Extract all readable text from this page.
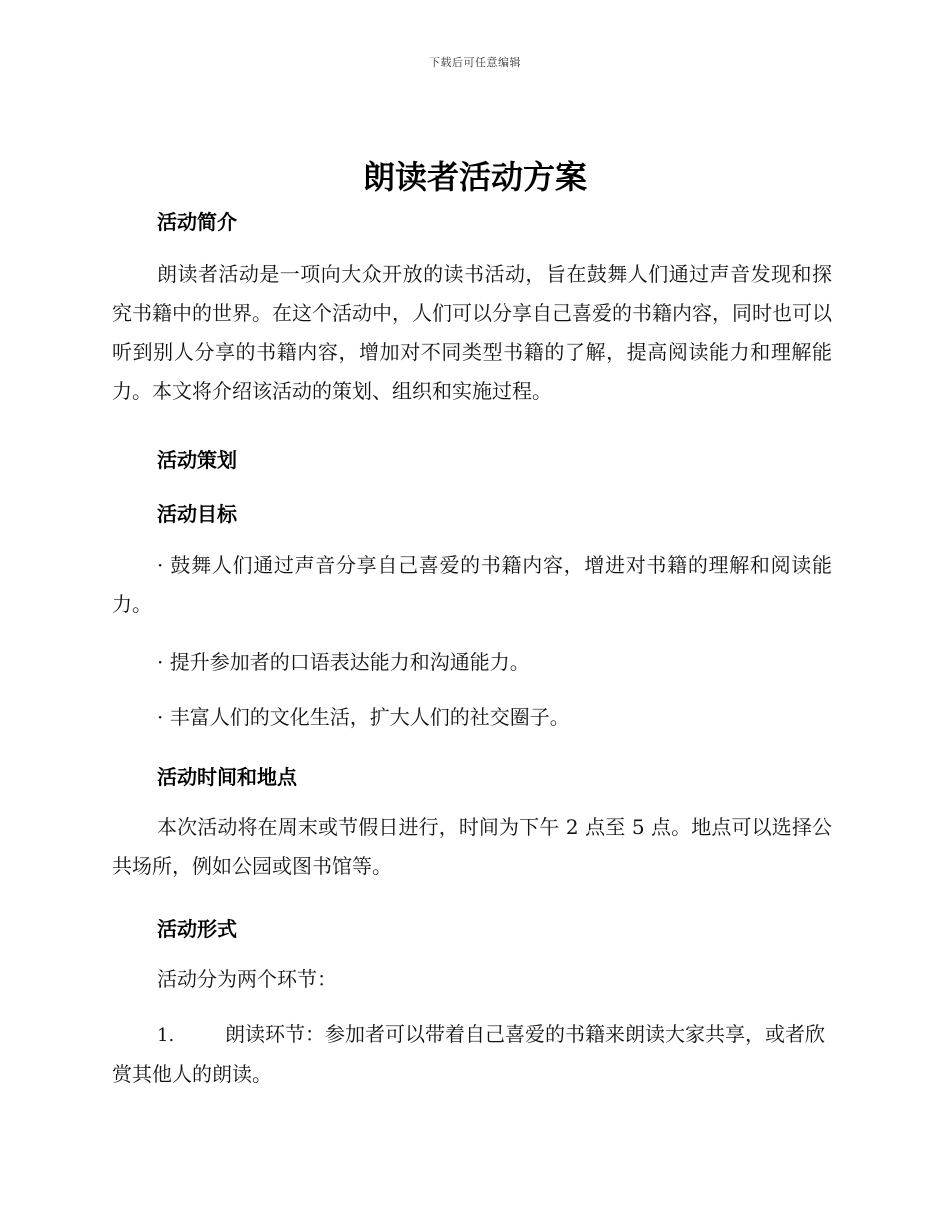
下载后可任意编辑
朗读者活动方案
活动简介

朗读者活动是一项向大众开放的读书活动，旨在鼓舞人们通过声音发现和探究书籍中的世界。在这个活动中，人们可以分享自己喜爱的书籍内容，同时也可以听到别人分享的书籍内容，增加对不同类型书籍的了解，提高阅读能力和理解能力。本文将介绍该活动的策划、组织和实施过程。

活动策划
活动目标

· 鼓舞人们通过声音分享自己喜爱的书籍内容，增进对书籍的理解和阅读能力。

· 提升参加者的口语表达能力和沟通能力。
· 丰富人们的文化生活，扩大人们的社交圈子。
活动时间和地点

本次活动将在周末或节假日进行，时间为下午 2 点至 5 点。地点可以选择公共场所，例如公园或图书馆等。

活动形式
活动分为两个环节：

1.	朗读环节：参加者可以带着自己喜爱的书籍来朗读大家共享，或者欣赏其他人的朗读。
